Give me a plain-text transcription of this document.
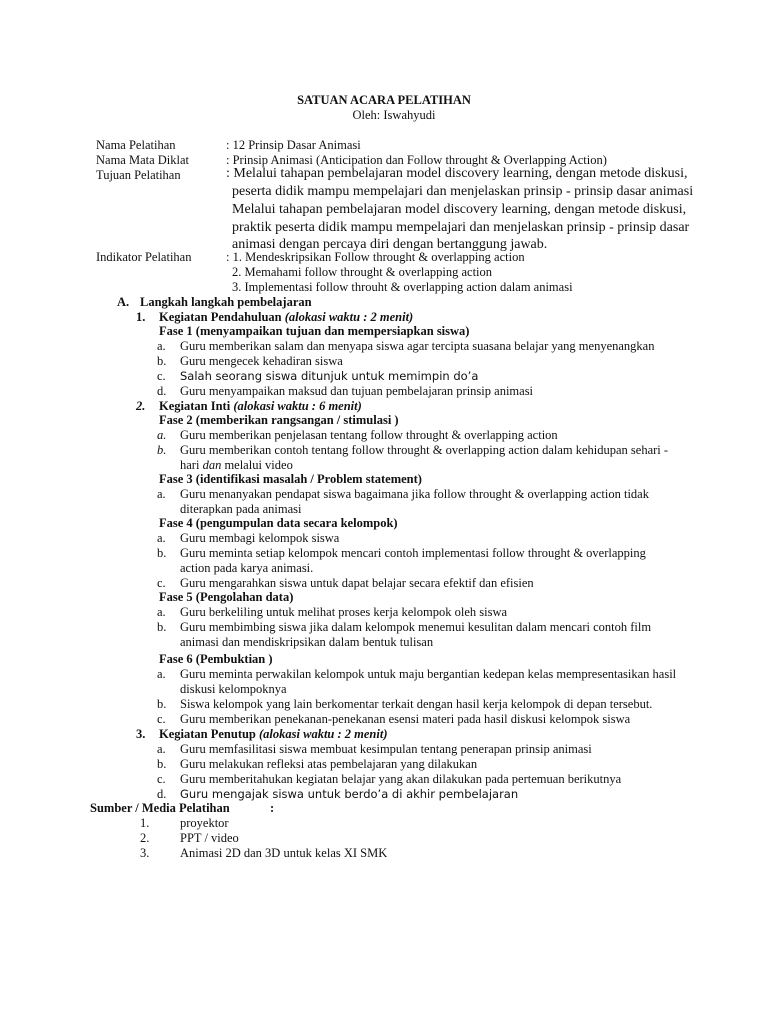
SATUAN ACARA PELATIHAN
Oleh: Iswahyudi
Nama Pelatihan	: 12 Prinsip Dasar Animasi
Nama Mata Diklat	: Prinsip Animasi (Anticipation dan Follow throught & Overlapping Action)
Tujuan Pelatihan	: Melalui tahapan pembelajaran model discovery learning, dengan metode diskusi,
peserta didik mampu mempelajari dan menjelaskan prinsip - prinsip dasar animasi
Melalui tahapan pembelajaran model discovery learning, dengan metode diskusi,
praktik peserta didik mampu mempelajari dan menjelaskan prinsip - prinsip dasar
animasi dengan percaya diri dengan bertanggung jawab.
Indikator Pelatihan	: 1. Mendeskripsikan Follow throught & overlapping action
2. Memahami follow throught & overlapping action
3. Implementasi follow throuht & overlapping action dalam animasi
A. Langkah langkah pembelajaran
1. Kegiatan Pendahuluan (alokasi waktu : 2 menit)
Fase 1 (menyampaikan tujuan dan mempersiapkan siswa)
a. Guru memberikan salam dan menyapa siswa agar tercipta suasana belajar yang menyenangkan
b. Guru mengecek kehadiran siswa
c. Salah seorang siswa ditunjuk untuk memimpin do’a
d. Guru menyampaikan maksud dan tujuan pembelajaran prinsip animasi
2. Kegiatan Inti (alokasi waktu : 6 menit)
Fase 2 (memberikan rangsangan / stimulasi )
a. Guru memberikan penjelasan tentang follow throught & overlapping action
b. Guru memberikan contoh tentang follow throught & overlapping action dalam kehidupan sehari -
hari dan melalui video
Fase 3 (identifikasi masalah / Problem statement)
a. Guru menanyakan pendapat siswa bagaimana jika follow throught & overlapping action tidak
diterapkan pada animasi
Fase 4 (pengumpulan data secara kelompok)
a. Guru membagi kelompok siswa
b. Guru meminta setiap kelompok mencari contoh implementasi follow throught & overlapping
action pada karya animasi.
c. Guru mengarahkan siswa untuk dapat belajar secara efektif dan efisien
Fase 5 (Pengolahan data)
a. Guru berkeliling untuk melihat proses kerja kelompok oleh siswa
b. Guru membimbing siswa jika dalam kelompok menemui kesulitan dalam mencari contoh film
animasi dan mendiskripsikan dalam bentuk tulisan
Fase 6 (Pembuktian )
a. Guru meminta perwakilan kelompok untuk maju bergantian kedepan kelas mempresentasikan hasil
diskusi kelompoknya
b. Siswa kelompok yang lain berkomentar terkait dengan hasil kerja kelompok di depan tersebut.
c. Guru memberikan penekanan-penekanan esensi materi pada hasil diskusi kelompok siswa
3. Kegiatan Penutup (alokasi waktu : 2 menit)
a. Guru memfasilitasi siswa membuat kesimpulan tentang penerapan prinsip animasi
b. Guru melakukan refleksi atas pembelajaran yang dilakukan
c. Guru memberitahukan kegiatan belajar yang akan dilakukan pada pertemuan berikutnya
d. Guru mengajak siswa untuk berdo’a di akhir pembelajaran
Sumber / Media Pelatihan	:
1. proyektor
2. PPT / video
3. Animasi 2D dan 3D untuk kelas XI SMK
